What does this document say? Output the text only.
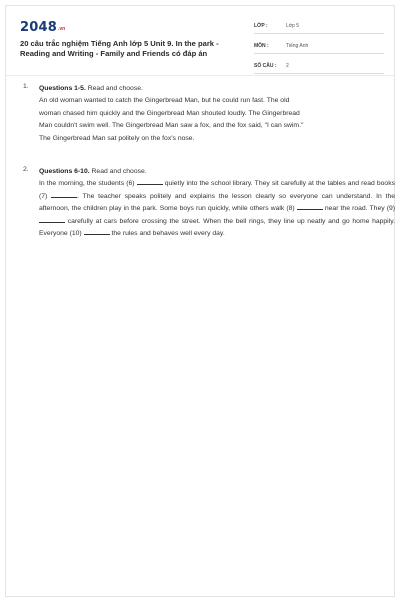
2048 .vn
20 câu trắc nghiệm Tiếng Anh lớp 5 Unit 9. In the park -
Reading and Writing - Family and Friends có đáp án
LỚP :	Lớp 5
MÔN :	Tiếng Anh
SỐ CÂU : 2
1. Questions 1-5. Read and choose.
An old woman wanted to catch the Gingerbread Man, but he could run fast. The old
woman chased him quickly and the Gingerbread Man shouted loudly. The Gingerbread
Man couldn't swim well. The Gingerbread Man saw a fox, and the fox said, "I can swim."
The Gingerbread Man sat politely on the fox's nose.
2. Questions 6-10. Read and choose.
In the morning, the students (6)	quietly into the school library. They sit carefully at the tables and read books (7)	. The teacher speaks politely and explains the lesson clearly so everyone can understand. In the afternoon, the children play in the park. Some boys run quickly, while others walk (8)	near the road. They (9)  carefully at cars before crossing the street. When the bell rings, they line up neatly and go home happily. Everyone (10)	the rules and behaves well every day.
